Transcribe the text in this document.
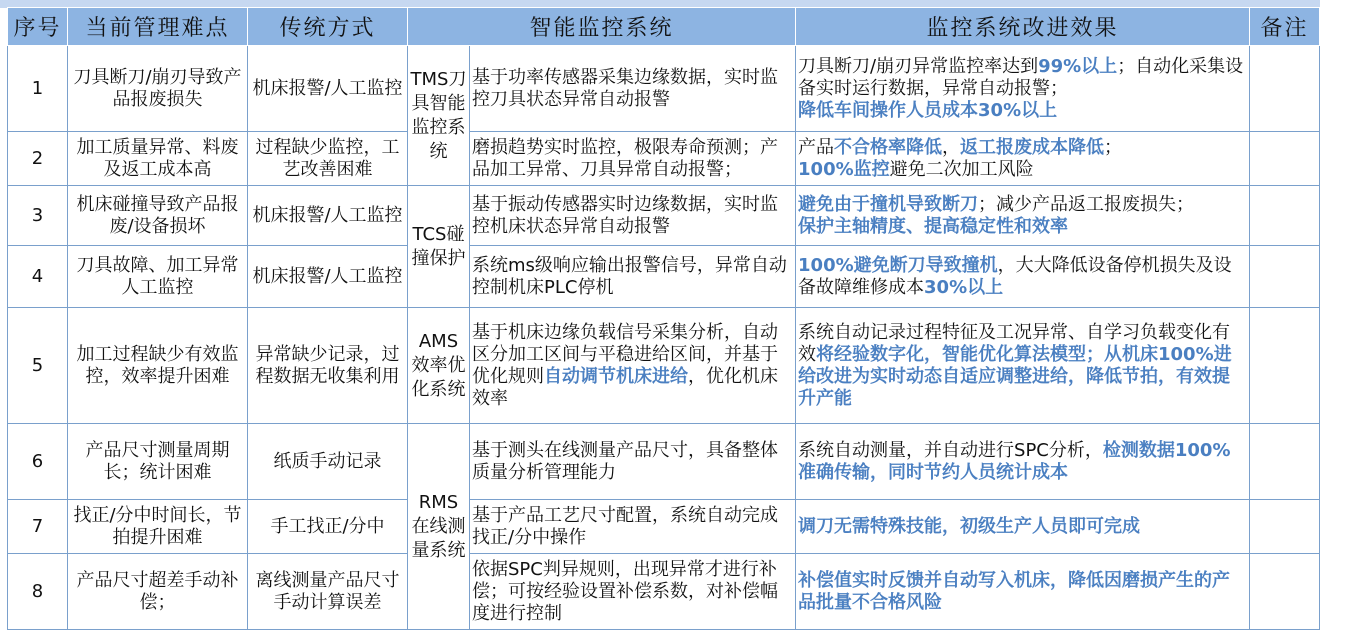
序号	当前管理难点	传统方式	智能监控系统		监控系统改进效果	备注
1	刀具断刀/崩刃导致产品报废损失	机床报警/人工监控	TMS刀具智能监控系统	基于功率传感器采集边缘数据，实时监控刀具状态异常自动报警	刀具断刀/崩刃异常监控率达到99%以上；自动化采集设备实时运行数据，异常自动报警；
降低车间操作人员成本30%以上	
2	加工质量异常、料废及返工成本高	过程缺少监控，工艺改善困难		磨损趋势实时监控，极限寿命预测；产品加工异常、刀具异常自动报警；	产品不合格率降低，返工报废成本降低；
100%监控避免二次加工风险	
3	机床碰撞导致产品报废/设备损坏	机床报警/人工监控	TCS碰撞保护	基于振动传感器实时边缘数据，实时监控机床状态异常自动报警	避免由于撞机导致断刀；减少产品返工报废损失；
保护主轴精度、提高稳定性和效率	
4	刀具故障、加工异常人工监控	机床报警/人工监控		系统ms级响应输出报警信号，异常自动控制机床PLC停机	100%避免断刀导致撞机，大大降低设备停机损失及设备故障维修成本30%以上	
5	加工过程缺少有效监控，效率提升困难	异常缺少记录，过程数据无收集利用	AMS效率优化系统	基于机床边缘负载信号采集分析，自动区分加工区间与平稳进给区间，并基于优化规则自动调节机床进给，优化机床效率	系统自动记录过程特征及工况异常、自学习负载变化有效将经验数字化，智能优化算法模型；从机床100%进给改进为实时动态自适应调整进给，降低节拍，有效提升产能	
6	产品尺寸测量周期长；统计困难	纸质手动记录	RMS在线测量系统	基于测头在线测量产品尺寸，具备整体质量分析管理能力	系统自动测量，并自动进行SPC分析，检测数据100%准确传输，同时节约人员统计成本	
7	找正/分中时间长，节拍提升困难	手工找正/分中		基于产品工艺尺寸配置，系统自动完成找正/分中操作	调刀无需特殊技能，初级生产人员即可完成	
8	产品尺寸超差手动补偿；	离线测量产品尺寸手动计算误差		依据SPC判异规则，出现异常才进行补偿；可按经验设置补偿系数，对补偿幅度进行控制	补偿值实时反馈并自动写入机床，降低因磨损产生的产品批量不合格风险	
